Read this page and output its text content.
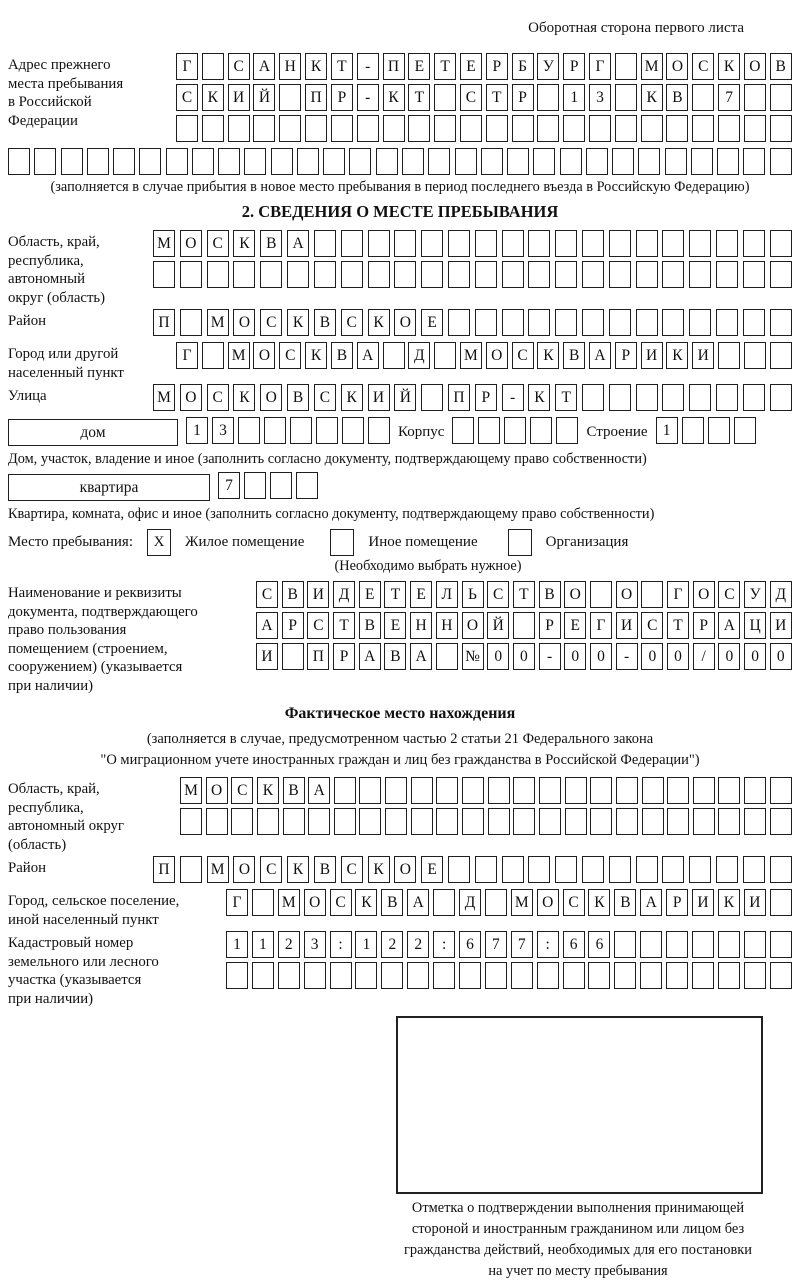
Оборотная сторона первого листа
Адрес прежнего
места пребывания
в Российской
Федерации
Г	С А Н К	Т	-	П Е	Т	Е	Р	Б	У	Р	Г	М О С К О В
С К И Й	П	Р	-	К	Т	С	Т	Р	1	3	К В	7
(заполняется в случае прибытия в новое место пребывания в период последнего въезда в Российскую Федерацию)
2. СВЕДЕНИЯ О МЕСТЕ ПРЕБЫВАНИЯ
Область, край,
республика,
автономный
округ (область)
М О	С	К	В	А
Район	П	М О	С	К	В	С	К	О	Е
Город или другой
населенный пункт
Г	М О С К В А	Д	М О С К В А	Р	И К И
Улица	М О	С	К	О	В	С	К	И	Й	П	Р	-	К	Т
дом	1	3	Корпус	Строение 1
Дом, участок, владение и иное (заполнить согласно документу, подтверждающему право собственности)
квартира	7
Квартира, комната, офис и иное (заполнить согласно документу, подтверждающему право собственности)
Место пребывания:	X	Жилое помещение	Иное помещение	Организация
(Необходимо выбрать нужное)
Наименование и реквизиты
документа, подтверждающего
право пользования
помещением (строением,
сооружением) (указывается
при наличии)
С В И Д	Е	Т	Е	Л	Ь	С	Т	В О	О	Г	О С У Д
А	Р	С	Т	В	Е Н Н О Й	Р	Е	Г	И С	Т	Р	А Ц И
И	П	Р	А В А	№ 0	0	-	0	0	-	0	0	/	0	0	0
Фактическое место нахождения
(заполняется в случае, предусмотренном частью 2 статьи 21 Федерального закона
"О миграционном учете иностранных граждан и лиц без гражданства в Российской Федерации")
Область, край,
республика,
автономный округ
(область)
М О С К В А
Район	П	М О	С	К	В	С	К	О	Е
Город, сельское поселение,
иной населенный пункт
Г	М О С	К	В А	Д	М О С	К	В А	Р	И К И
Кадастровый номер
земельного или лесного
участка (указывается
при наличии)
1	1	2	3	:	1	2	2	:	6	7	7	:	6	6
Отметка о подтверждении выполнения принимающей
стороной и иностранным гражданином или лицом без
гражданства действий, необходимых для его постановки
на учет по месту пребывания
